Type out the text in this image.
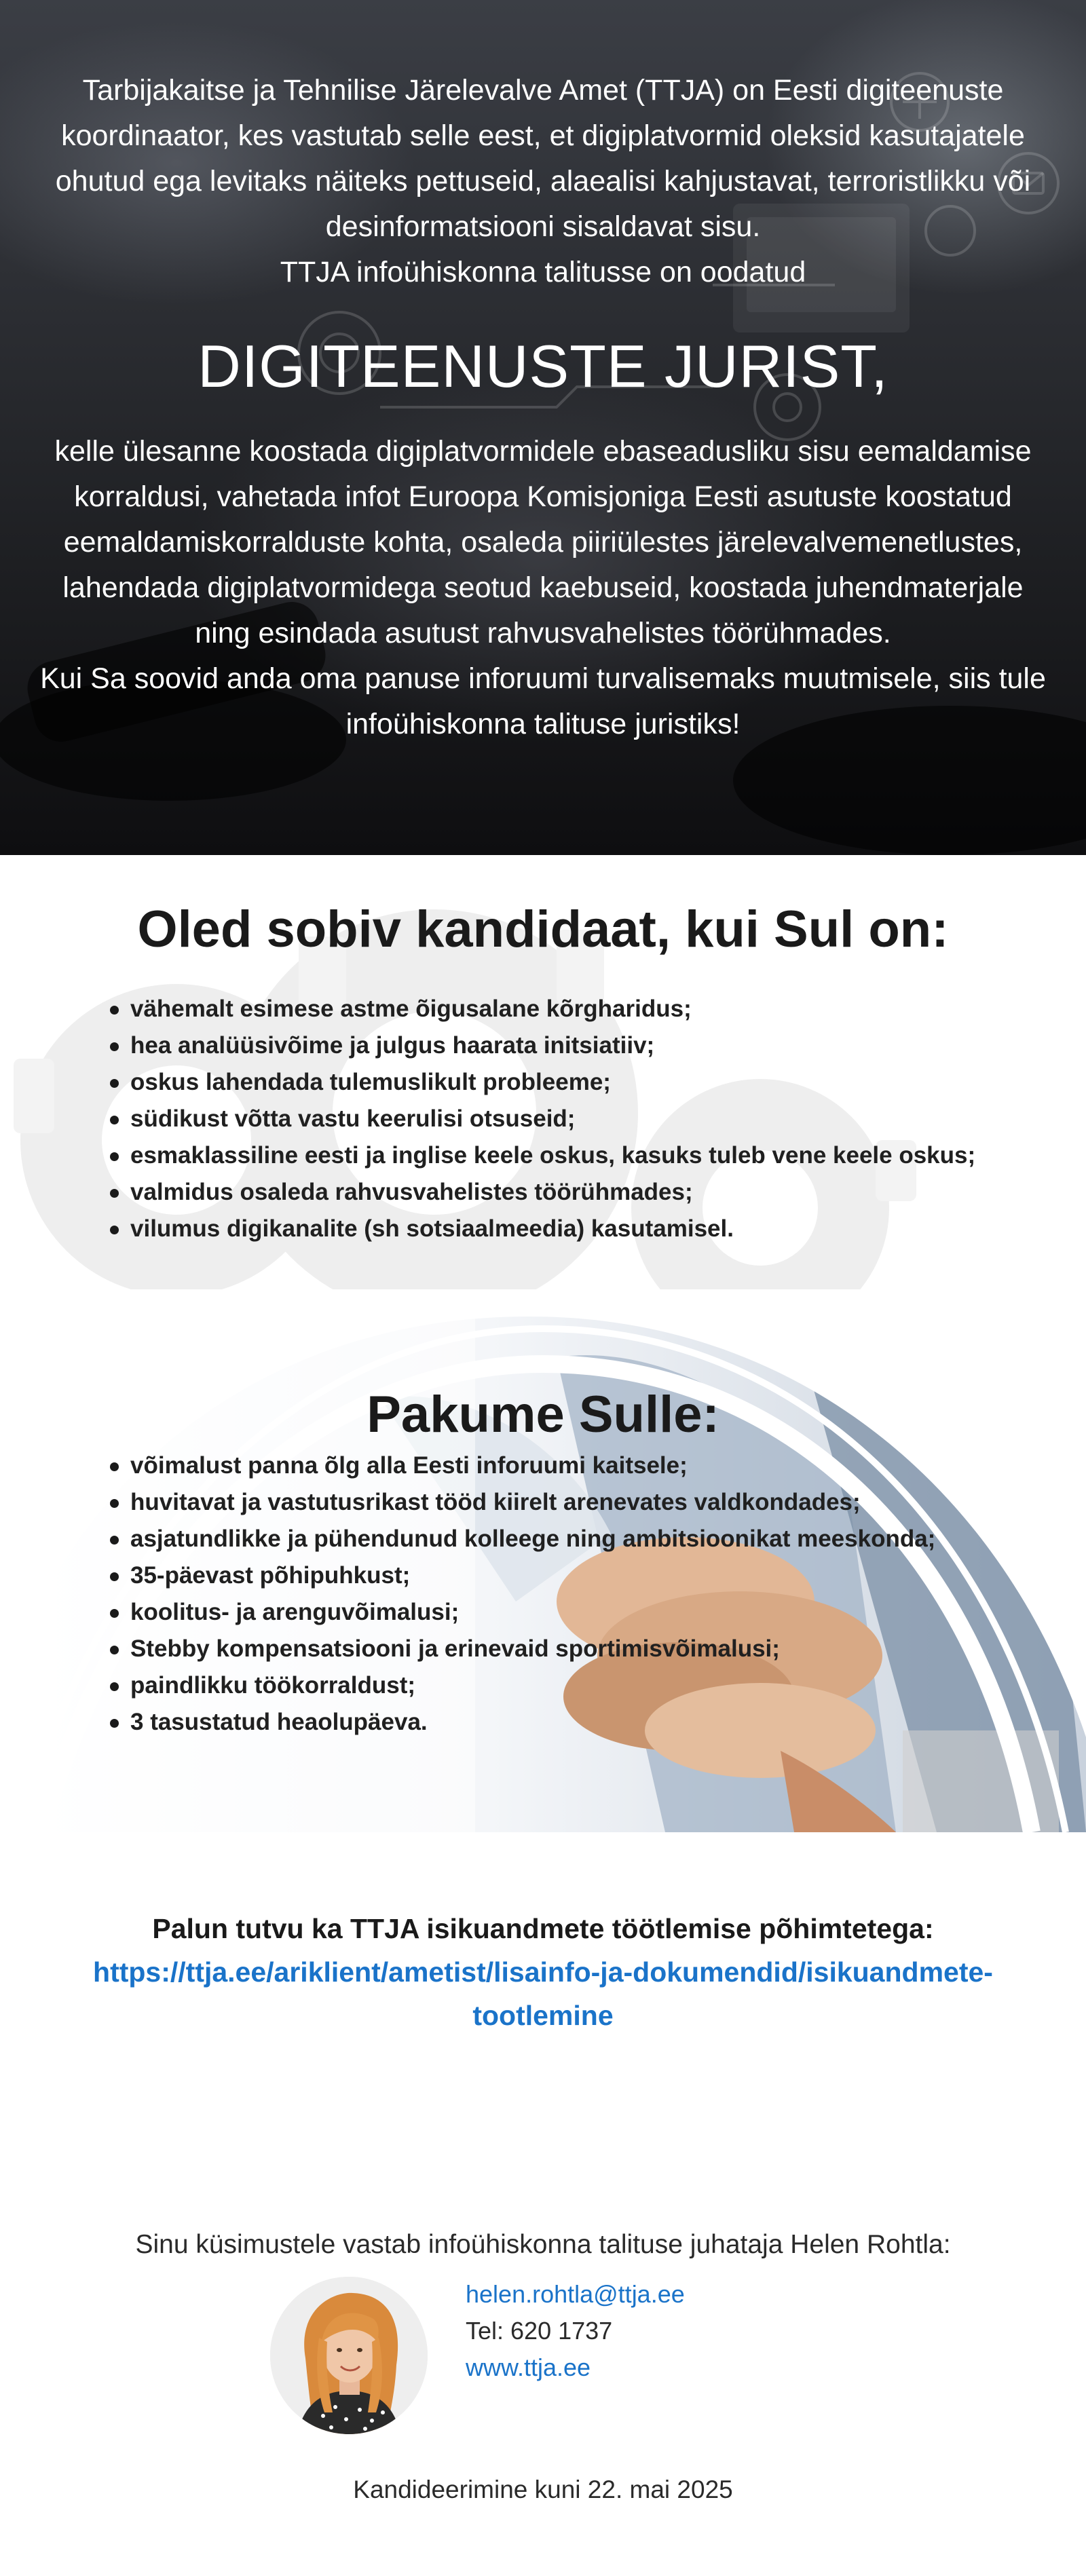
Tarbijakaitse ja Tehnilise Järelevalve Amet (TTJA) on Eesti digiteenuste
koordinaator, kes vastutab selle eest, et digiplatvormid oleksid kasutajatele
ohutud ega levitaks näiteks pettuseid, alaealisi kahjustavat, terroristlikku või
desinformatsiooni sisaldavat sisu.
TTJA infoühiskonna talitusse on oodatud
DIGITEENUSTE JURIST,
kelle ülesanne koostada digiplatvormidele ebaseadusliku sisu eemaldamise
korraldusi, vahetada infot Euroopa Komisjoniga Eesti asutuste koostatud
eemaldamiskorralduste kohta, osaleda piiriülestes järelevalvemenetlustes,
lahendada digiplatvormidega seotud kaebuseid, koostada juhendmaterjale
ning esindada asutust rahvusvahelistes töörühmades.
Kui Sa soovid anda oma panuse inforuumi turvalisemaks muutmisele, siis tule
infoühiskonna talituse juristiks!
Oled sobiv kandidaat, kui Sul on:
vähemalt esimese astme õigusalane kõrgharidus;
hea analüüsivõime ja julgus haarata initsiatiiv;
oskus lahendada tulemuslikult probleeme;
südikust võtta vastu keerulisi otsuseid;
esmaklassiline eesti ja inglise keele oskus, kasuks tuleb vene keele oskus;
valmidus osaleda rahvusvahelistes töörühmades;
vilumus digikanalite (sh sotsiaalmeedia) kasutamisel.
Pakume Sulle:
võimalust panna õlg alla Eesti inforuumi kaitsele;
huvitavat ja vastutusrikast tööd kiirelt arenevates valdkondades;
asjatundlikke ja pühendunud kolleege ning ambitsioonikat meeskonda;
35-päevast põhipuhkust;
koolitus- ja arenguvõimalusi;
Stebby kompensatsiooni ja erinevaid sportimisvõimalusi;
paindlikku töökorraldust;
3 tasustatud heaolupäeva.
Palun tutvu ka TTJA isikuandmete töötlemise põhimtetega:
https://ttja.ee/ariklient/ametist/lisainfo-ja-dokumendid/isikuandmete-
tootlemine
Sinu küsimustele vastab infoühiskonna talituse juhataja Helen Rohtla:
helen.rohtla@ttja.ee
Tel: 620 1737
www.ttja.ee
Kandideerimine kuni 22. mai 2025
